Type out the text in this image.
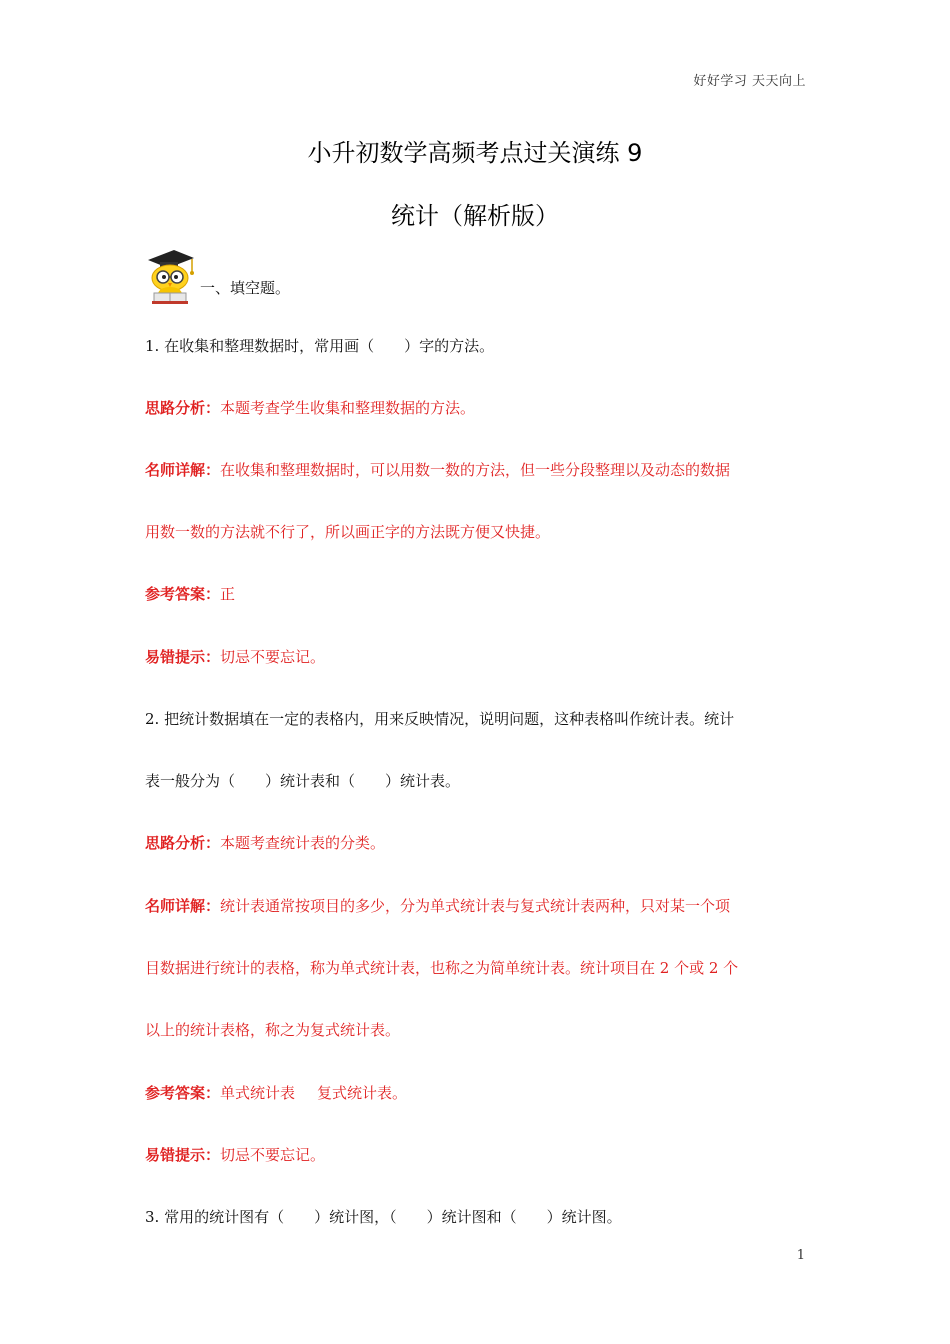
好好学习 天天向上
小升初数学高频考点过关演练 9
统计（解析版）
一、填空题。
1. 在收集和整理数据时，常用画（　　）字的方法。
思路分析：本题考查学生收集和整理数据的方法。
名师详解：在收集和整理数据时，可以用数一数的方法，但一些分段整理以及动态的数据
用数一数的方法就不行了，所以画正字的方法既方便又快捷。
参考答案：正
易错提示：切忌不要忘记。
2. 把统计数据填在一定的表格内，用来反映情况，说明问题，这种表格叫作统计表。统计
表一般分为（　　）统计表和（　　）统计表。
思路分析：本题考查统计表的分类。
名师详解：统计表通常按项目的多少，分为单式统计表与复式统计表两种，只对某一个项
目数据进行统计的表格，称为单式统计表，也称之为简单统计表。统计项目在 2 个或 2 个
以上的统计表格，称之为复式统计表。
参考答案：单式统计表 复式统计表。
易错提示：切忌不要忘记。
3. 常用的统计图有（　　）统计图，（　　）统计图和（　　）统计图。
1
